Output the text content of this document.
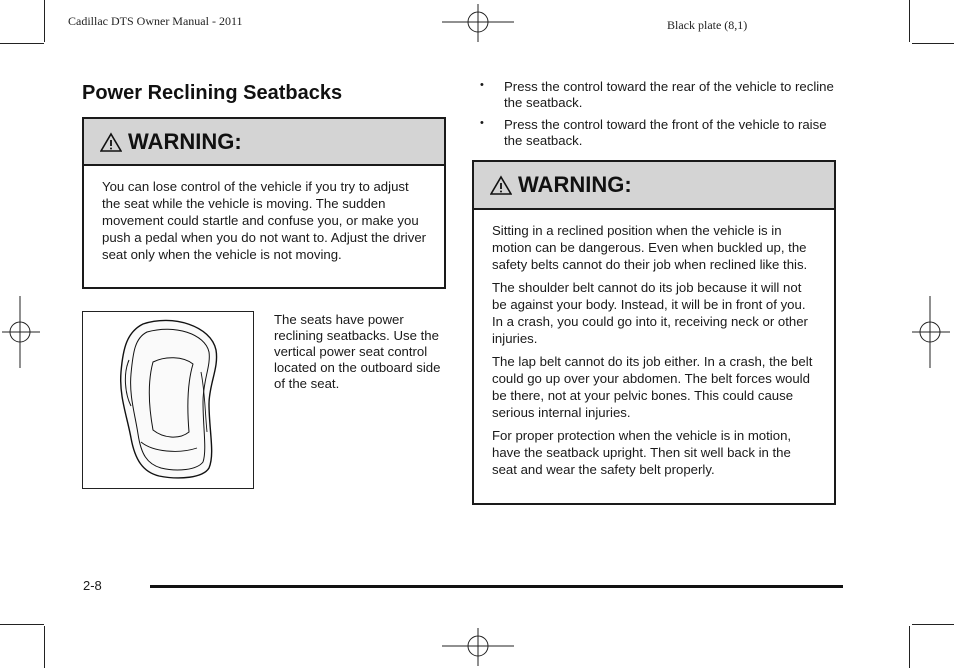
Cadillac DTS Owner Manual - 2011	Black plate (8,1)
Power Reclining Seatbacks
WARNING:

You can lose control of the vehicle if you try to adjust the seat while the vehicle is moving. The sudden movement could startle and confuse you, or make you push a pedal when you do not want to. Adjust the driver seat only when the vehicle is not moving.

The seats have power reclining seatbacks. Use the vertical power seat control located on the outboard side of the seat.
• Press the control toward the rear of the vehicle to recline the seatback.
• Press the control toward the front of the vehicle to raise the seatback.
WARNING:

Sitting in a reclined position when the vehicle is in motion can be dangerous. Even when buckled up, the safety belts cannot do their job when reclined like this.

The shoulder belt cannot do its job because it will not be against your body. Instead, it will be in front of you. In a crash, you could go into it, receiving neck or other injuries.

The lap belt cannot do its job either. In a crash, the belt could go up over your abdomen. The belt forces would be there, not at your pelvic bones. This could cause serious internal injuries.

For proper protection when the vehicle is in motion, have the seatback upright. Then sit well back in the seat and wear the safety belt properly.

2-8
